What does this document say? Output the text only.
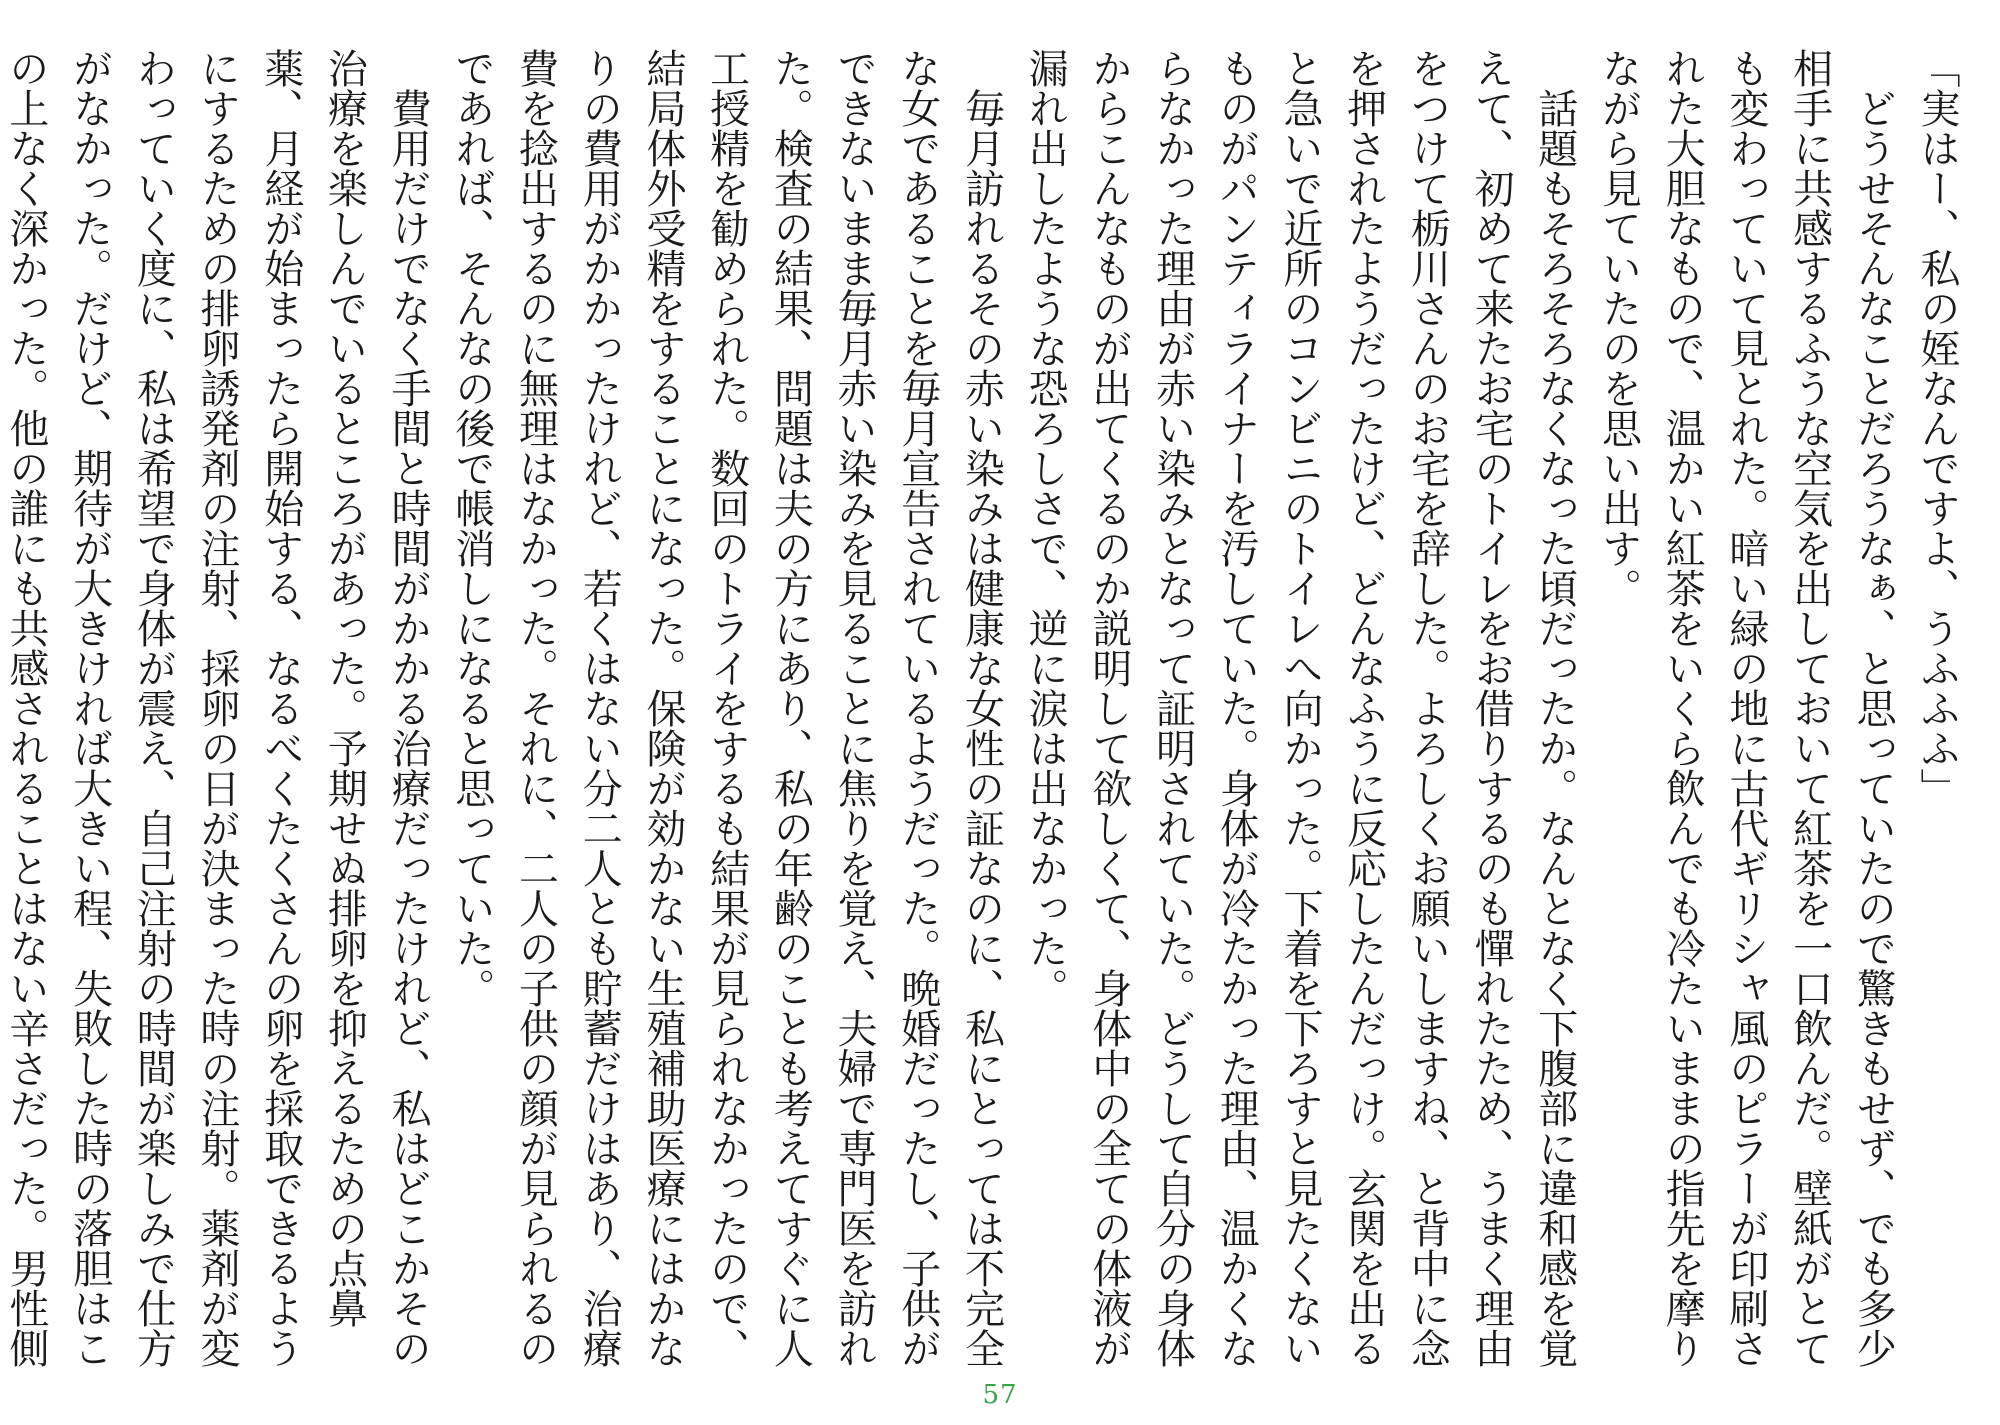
「実はー、私の姪なんですよ、うふふふ」

どうせそんなことだろうなぁ、と思っていたので驚きもせず、でも多少相手に共感するふうな空気を出しておいて紅茶を一口飲んだ。壁紙がとても変わっていて見とれた。暗い緑の地に古代ギリシャ風のピラーが印刷された大胆なもので、温かい紅茶をいくら飲んでも冷たいままの指先を摩りながら見ていたのを思い出す。

話題もそろそろなくなった頃だったか。なんとなく下腹部に違和感を覚えて、初めて来たお宅のトイレをお借りするのも憚れたため、うまく理由をつけて栃川さんのお宅を辞した。よろしくお願いしますね、と背中に念を押されたようだったけど、どんなふうに反応したんだっけ。玄関を出ると急いで近所のコンビニのトイレへ向かった。下着を下ろすと見たくないものがパンティライナーを汚していた。身体が冷たかった理由、温かくならなかった理由が赤い染みとなって証明されていた。どうして自分の身体からこんなものが出てくるのか説明して欲しくて、身体中の全ての体液が漏れ出したような恐ろしさで、逆に涙は出なかった。

毎月訪れるその赤い染みは健康な女性の証なのに、私にとっては不完全な女であることを毎月宣告されているようだった。晩婚だったし、子供ができないまま毎月赤い染みを見ることに焦りを覚え、夫婦で専門医を訪れた。検査の結果、問題は夫の方にあり、私の年齢のことも考えてすぐに人工授精を勧められた。数回のトライをするも結果が見られなかったので、結局体外受精をすることになった。保険が効かない生殖補助医療にはかなりの費用がかかったけれど、若くはない分二人とも貯蓄だけはあり、治療費を捻出するのに無理はなかった。それに、二人の子供の顔が見られるのであれば、そんなの後で帳消しになると思っていた。

費用だけでなく手間と時間がかかる治療だったけれど、私はどこかその治療を楽しんでいるところがあった。予期せぬ排卵を抑えるための点鼻薬、月経が始まったら開始する、なるべくたくさんの卵を採取できるようにするための排卵誘発剤の注射、採卵の日が決まった時の注射。薬剤が変わっていく度に、私は希望で身体が震え、自己注射の時間が楽しみで仕方がなかった。だけど、期待が大きければ大きい程、失敗した時の落胆はこの上なく深かった。他の誰にも共感されることはない辛さだった。男性側

57
